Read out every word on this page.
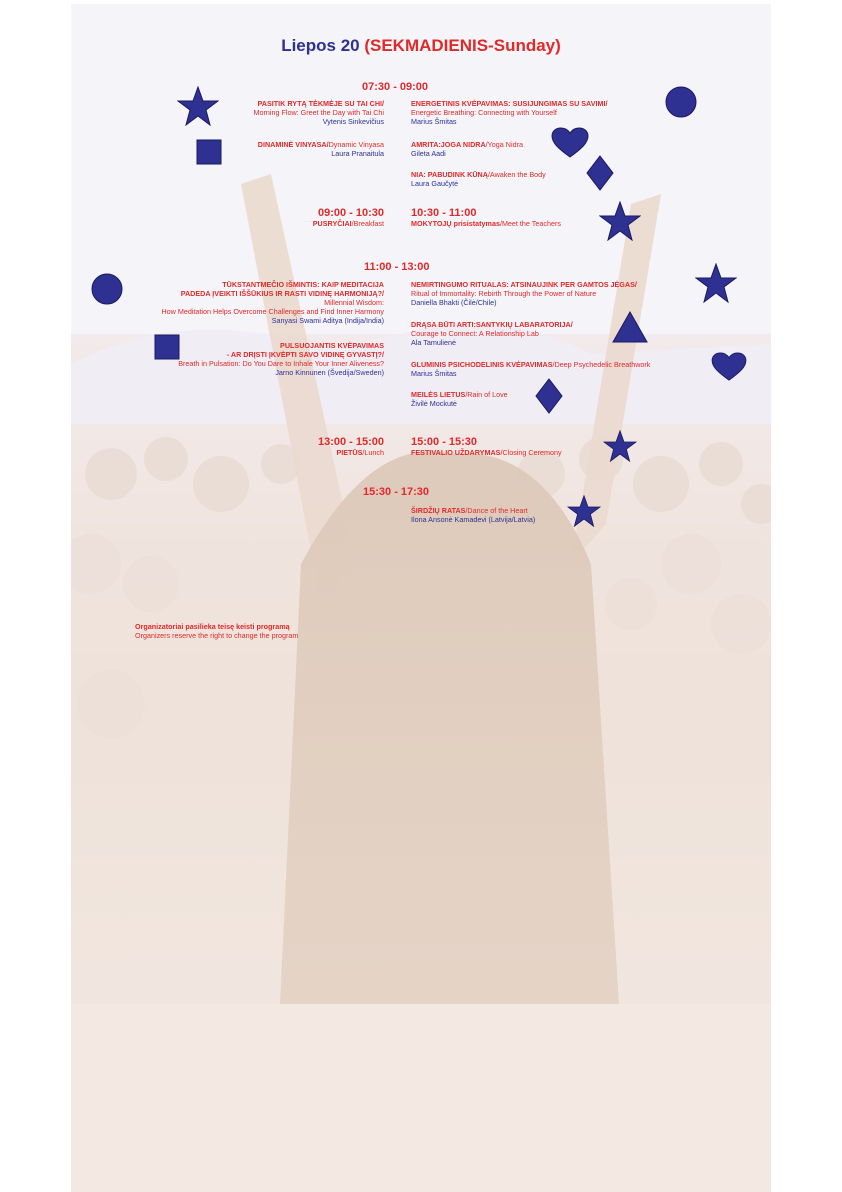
Liepos 20 (SEKMADIENIS-Sunday)
07:30 - 09:00
PASITIK RYTĄ TĖKMĖJE SU TAI CHI/
Morning Flow: Greet the Day with Tai Chi
Vytenis Sinkevičius
DINAMINĖ VINYASA/Dynamic Vinyasa
Laura Pranaitulа
ENERGETINIS KVĖPAVIMAS: SUSIJUNGIMAS SU SAVIMI/
Energetic Breathing: Connecting with Yourself
Marius Šmitas
AMRITA:JOGA NIDRA/Yoga Nidra
Gileta Aadi
NIA: PABUDINK KŪNĄ/Awaken the Body
Laura Gaučytė
09:00 - 10:30
PUSRYČIAI/Breakfast
10:30 - 11:00
MOKYTOJŲ prisistatymas/Meet the Teachers
11:00 - 13:00
TŪKSTANTMEČIO IŠMINTIS: KAIP MEDITACIJA
PADEDA ĮVEIKTI IŠŠŪKIUS IR RASTI VIDINĘ HARMONIJĄ?/
Millennial Wisdom:
How Meditation Helps Overcome Challenges and Find Inner Harmony
Sanyasi Swami Aditya (Indija/India)
PULSUOJANTIS KVĖPAVIMAS
- AR DRĮSTI ĮKVĖPTI SAVO VIDINĘ GYVASTĮ?/
Breath in Pulsation: Do You Dare to Inhale Your Inner Aliveness?
Jarno Kinnunen (Švedija/Sweden)
NEMIRTINGUMO RITUALAS: ATSINAUJINK PER GAMTOS JĖGAS/
Ritual of Immortality: Rebirth Through the Power of Nature
Daniella Bhakti (Čilė/Chile)
DRĄSA BŪTI ARTI:SANTYKIŲ LABARATORIJA/
Courage to Connect: A Relationship Lab
Ala Tamulienė
GLUMINIS PSICHODELINIS KVĖPAVIMAS/Deep Psychedelic Breathwork
Marius Šmitas
MEILĖS LIETUS/Rain of Love
Živilė Mockutė
13:00 - 15:00
PIETŪS/Lunch
15:00 - 15:30
FESTIVALIO UŽDARYMAS/Closing Ceremony
15:30 - 17:30
ŠIRDŽIŲ RATAS/Dance of the Heart
Ilona Ansonė Kamadevi (Latvija/Latvia)
Organizatoriai pasilieka teisę keisti programą
Organizers reserve the right to change the program
